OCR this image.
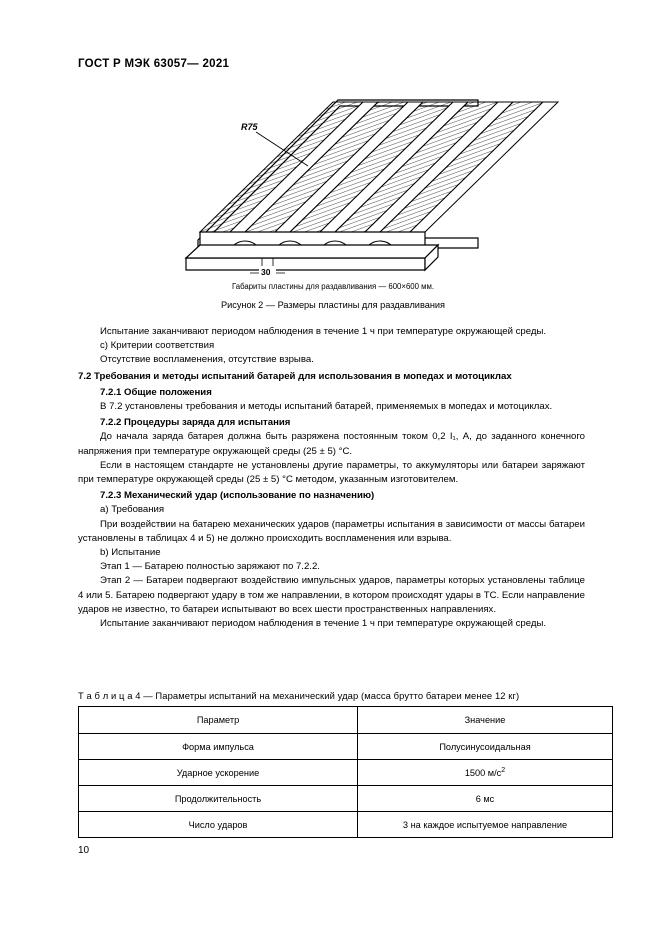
ГОСТ Р МЭК 63057— 2021
R75
30
Габариты пластины для раздавливания — 600×600 мм.
Рисунок 2 — Размеры пластины для раздавливания

Испытание заканчивают периодом наблюдения в течение 1 ч при температуре окружающей среды.

с) Критерии соответствия

Отсутствие воспламенения, отсутствие взрыва.

7.2 Требования и методы испытаний батарей для использования в мопедах и мотоциклах

7.2.1 Общие положения

В 7.2 установлены требования и методы испытаний батарей, применяемых в мопедах и мотоциклах.

7.2.2 Процедуры заряда для испытания

До начала заряда батарея должна быть разряжена постоянным током 0,2 I₁, А, до заданного конечного напряжения при температуре окружающей среды (25 ± 5) °C.

Если в настоящем стандарте не установлены другие параметры, то аккумуляторы или батареи заряжают при температуре окружающей среды (25 ± 5) °C методом, указанным изготовителем.

7.2.3 Механический удар (использование по назначению)

а) Требования

При воздействии на батарею механических ударов (параметры испытания в зависимости от массы батареи установлены в таблицах 4 и 5) не должно происходить воспламенения или взрыва.

b) Испытание

Этап 1 — Батарею полностью заряжают по 7.2.2.

Этап 2 — Батареи подвергают воздействию импульсных ударов, параметры которых установлены таблице 4 или 5. Батарею подвергают удару в том же направлении, в котором происходят удары в ТС. Если направление ударов не известно, то батареи испытывают во всех шести пространственных направлениях.

Испытание заканчивают периодом наблюдения в течение 1 ч при температуре окружающей среды.

Т а б л и ц а 4 — Параметры испытаний на механический удар (масса брутто батареи менее 12 кг)
Параметр	Значение
Форма импульса	Полусинусоидальная
Ударное ускорение	1500 $м/с^2$
Продолжительность	6 мс
Число ударов	3 на каждое испытуемое направление
10
